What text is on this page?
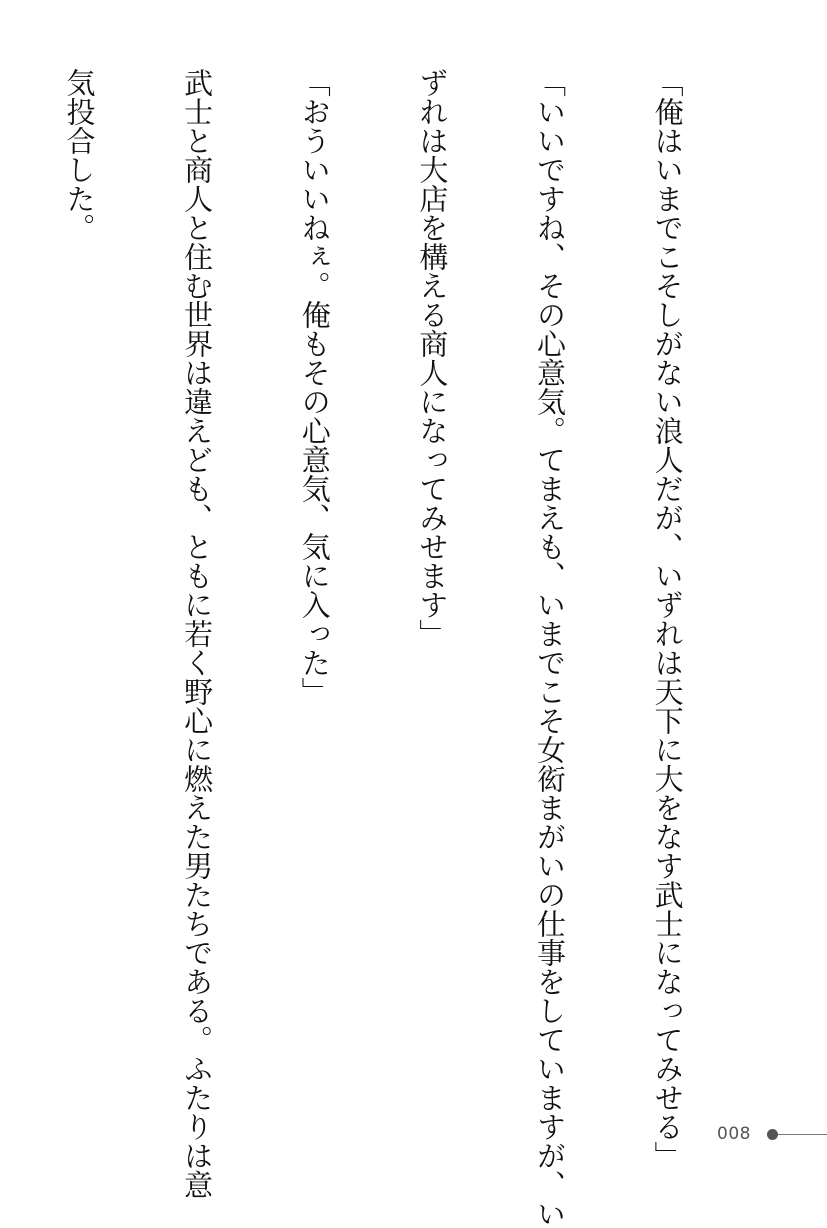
「俺はいまでこそしがない浪人だが、いずれは天下に大をなす武士になってみせる」

「いいですね、その心意気。てまえも、いまでこそ女衒まがいの仕事をしていますが、い

ずれは大店を構える商人になってみせます」

「おういいねぇ。俺もその心意気、気に入った」

武士と商人と住む世界は違えども、ともに若く野心に燃えた男たちである。ふたりは意

気投合した。

008
